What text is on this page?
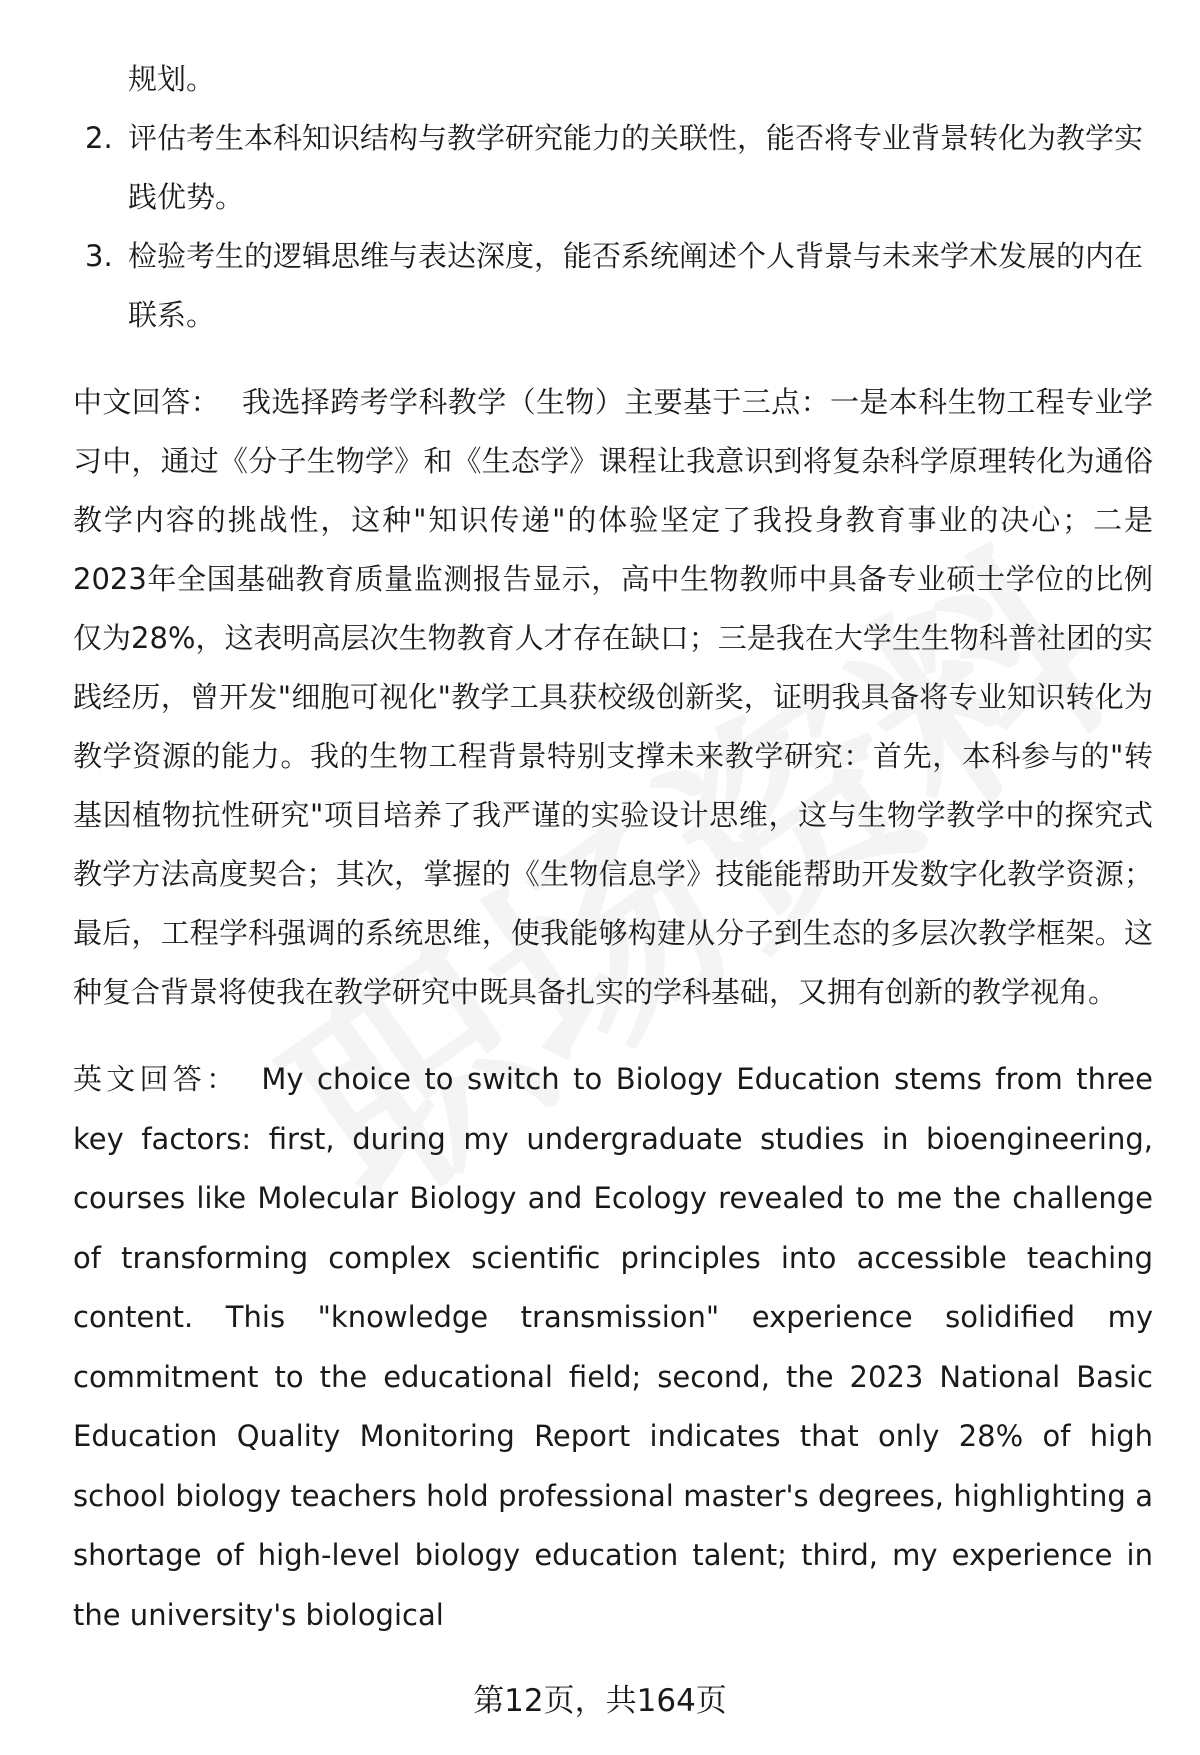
规划。
2. 评估考生本科知识结构与教学研究能力的关联性，能否将专业背景转化为教学实践优势。
3. 检验考生的逻辑思维与表达深度，能否系统阐述个人背景与未来学术发展的内在联系。
中文回答： 我选择跨考学科教学（生物）主要基于三点：一是本科生物工程专业学习中，通过《分子生物学》和《生态学》课程让我意识到将复杂科学原理转化为通俗教学内容的挑战性，这种"知识传递"的体验坚定了我投身教育事业的决心；二是2023年全国基础教育质量监测报告显示，高中生物教师中具备专业硕士学位的比例仅为28%，这表明高层次生物教育人才存在缺口；三是我在大学生生物科普社团的实践经历，曾开发"细胞可视化"教学工具获校级创新奖，证明我具备将专业知识转化为教学资源的能力。我的生物工程背景特别支撑未来教学研究：首先，本科参与的"转基因植物抗性研究"项目培养了我严谨的实验设计思维，这与生物学教学中的探究式教学方法高度契合；其次，掌握的《生物信息学》技能能帮助开发数字化教学资源；最后，工程学科强调的系统思维，使我能够构建从分子到生态的多层次教学框架。这种复合背景将使我在教学研究中既具备扎实的学科基础，又拥有创新的教学视角。
英文回答： My choice to switch to Biology Education stems from three key factors: first, during my undergraduate studies in bioengineering, courses like Molecular Biology and Ecology revealed to me the challenge of transforming complex scientific principles into accessible teaching content. This "knowledge transmission" experience solidified my commitment to the educational field; second, the 2023 National Basic Education Quality Monitoring Report indicates that only 28% of high school biology teachers hold professional master's degrees, highlighting a shortage of high-level biology education talent; third, my experience in the university's biological
第12页，共164页
